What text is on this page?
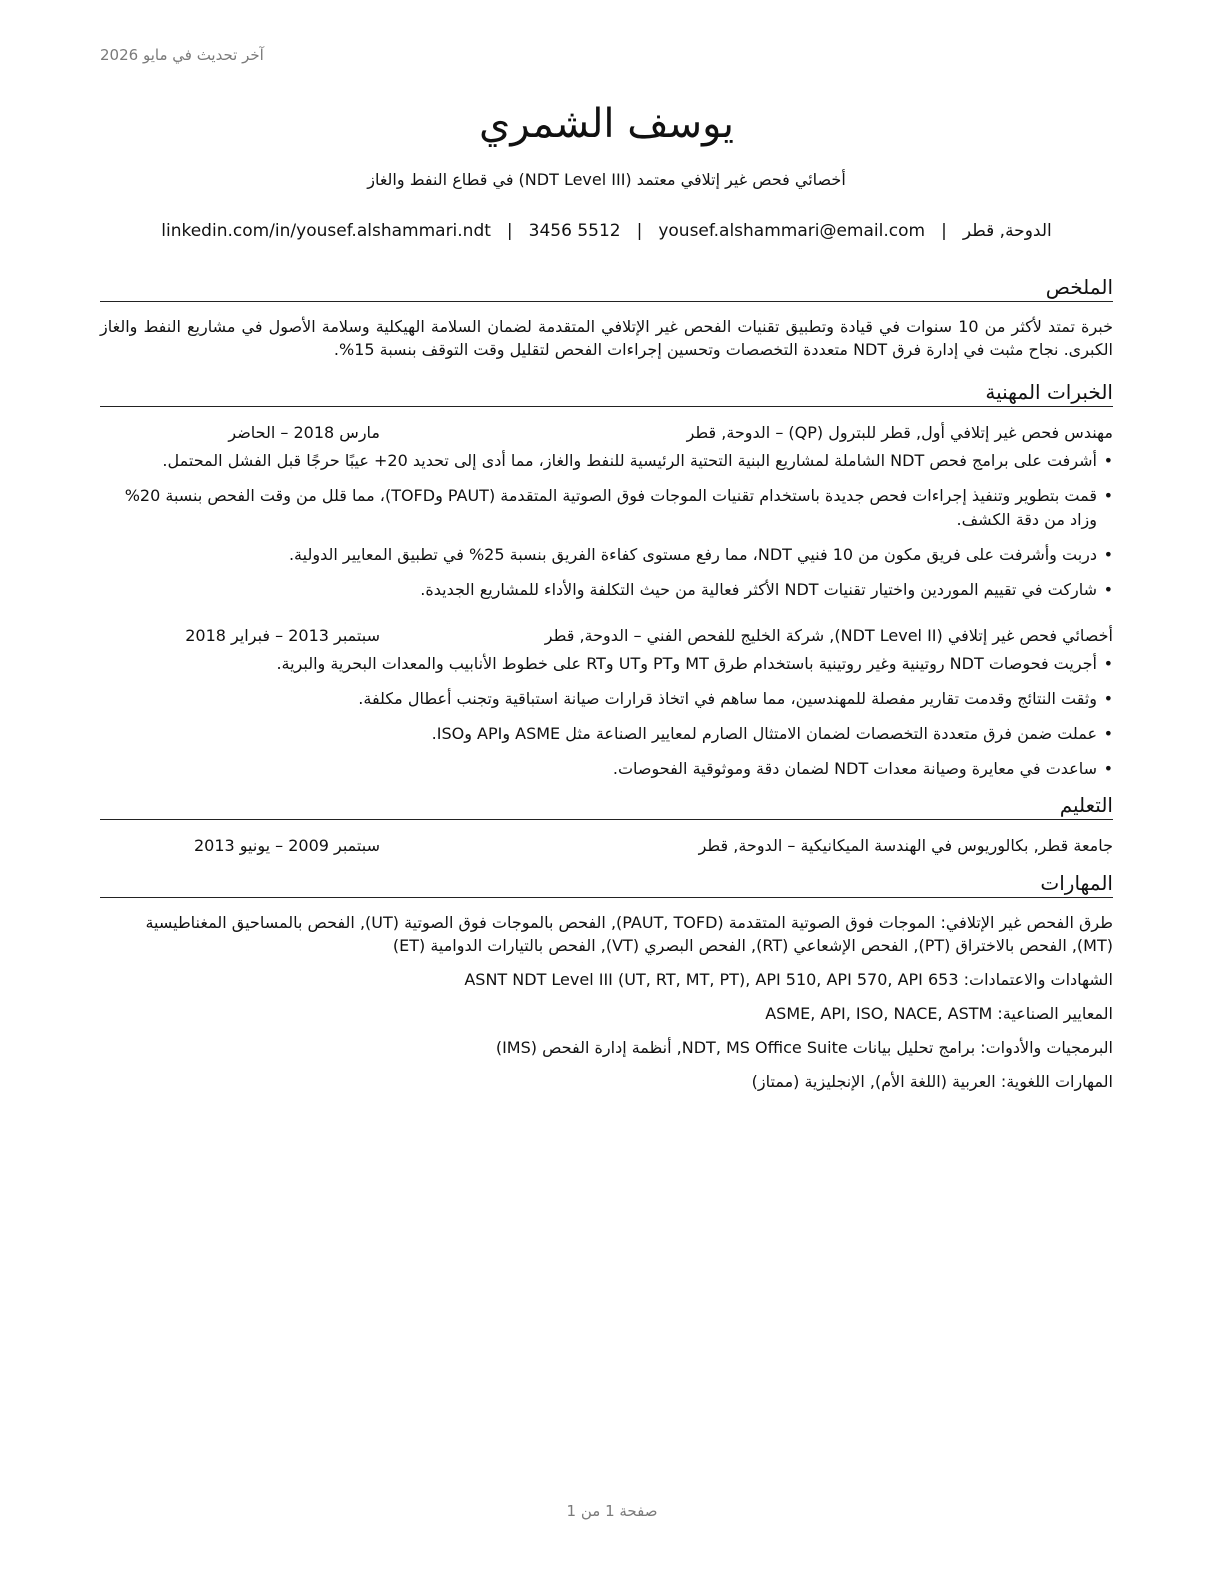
آخر تحديث في مايو 2026
يوسف الشمري
أخصائي فحص غير إتلافي معتمد (NDT Level III) في قطاع النفط والغاز
الدوحة, قطر
|
yousef.alshammari@email.com
|
3456 5512
|
linkedin.com/in/yousef.alshammari.ndt
الملخص
خبرة تمتد لأكثر من 10 سنوات في قيادة وتطبيق تقنيات الفحص غير الإتلافي المتقدمة لضمان السلامة الهيكلية وسلامة الأصول في مشاريع النفط والغاز الكبرى. نجاح مثبت في إدارة فرق NDT متعددة التخصصات وتحسين إجراءات الفحص لتقليل وقت التوقف بنسبة 15%.
الخبرات المهنية
مهندس فحص غير إتلافي أول, قطر للبترول (QP) – الدوحة, قطر
مارس 2018 – الحاضر
• أشرفت على برامج فحص NDT الشاملة لمشاريع البنية التحتية الرئيسية للنفط والغاز، مما أدى إلى تحديد 20+ عيبًا حرجًا قبل الفشل المحتمل.
• قمت بتطوير وتنفيذ إجراءات فحص جديدة باستخدام تقنيات الموجات فوق الصوتية المتقدمة (PAUT وTOFD)، مما قلل من وقت الفحص بنسبة 20% وزاد من دقة الكشف.
• دربت وأشرفت على فريق مكون من 10 فنيي NDT، مما رفع مستوى كفاءة الفريق بنسبة 25% في تطبيق المعايير الدولية.
• شاركت في تقييم الموردين واختيار تقنيات NDT الأكثر فعالية من حيث التكلفة والأداء للمشاريع الجديدة.
أخصائي فحص غير إتلافي (NDT Level II), شركة الخليج للفحص الفني – الدوحة, قطر
سبتمبر 2013 – فبراير 2018
• أجريت فحوصات NDT روتينية وغير روتينية باستخدام طرق MT وPT وUT وRT على خطوط الأنابيب والمعدات البحرية والبرية.
• وثقت النتائج وقدمت تقارير مفصلة للمهندسين، مما ساهم في اتخاذ قرارات صيانة استباقية وتجنب أعطال مكلفة.
• عملت ضمن فرق متعددة التخصصات لضمان الامتثال الصارم لمعايير الصناعة مثل ASME وAPI وISO.
• ساعدت في معايرة وصيانة معدات NDT لضمان دقة وموثوقية الفحوصات.
التعليم
جامعة قطر, بكالوريوس في الهندسة الميكانيكية – الدوحة, قطر
سبتمبر 2009 – يونيو 2013
المهارات
طرق الفحص غير الإتلافي: الموجات فوق الصوتية المتقدمة (PAUT, TOFD), الفحص بالموجات فوق الصوتية (UT), الفحص بالمساحيق المغناطيسية (MT), الفحص بالاختراق (PT), الفحص الإشعاعي (RT), الفحص البصري (VT), الفحص بالتيارات الدوامية (ET)
الشهادات والاعتمادات: ASNT NDT Level III (UT, RT, MT, PT), API 510, API 570, API 653
المعايير الصناعية: ASME, API, ISO, NACE, ASTM
البرمجيات والأدوات: برامج تحليل بيانات NDT, MS Office Suite, أنظمة إدارة الفحص (IMS)
المهارات اللغوية: العربية (اللغة الأم), الإنجليزية (ممتاز)
صفحة 1 من 1
